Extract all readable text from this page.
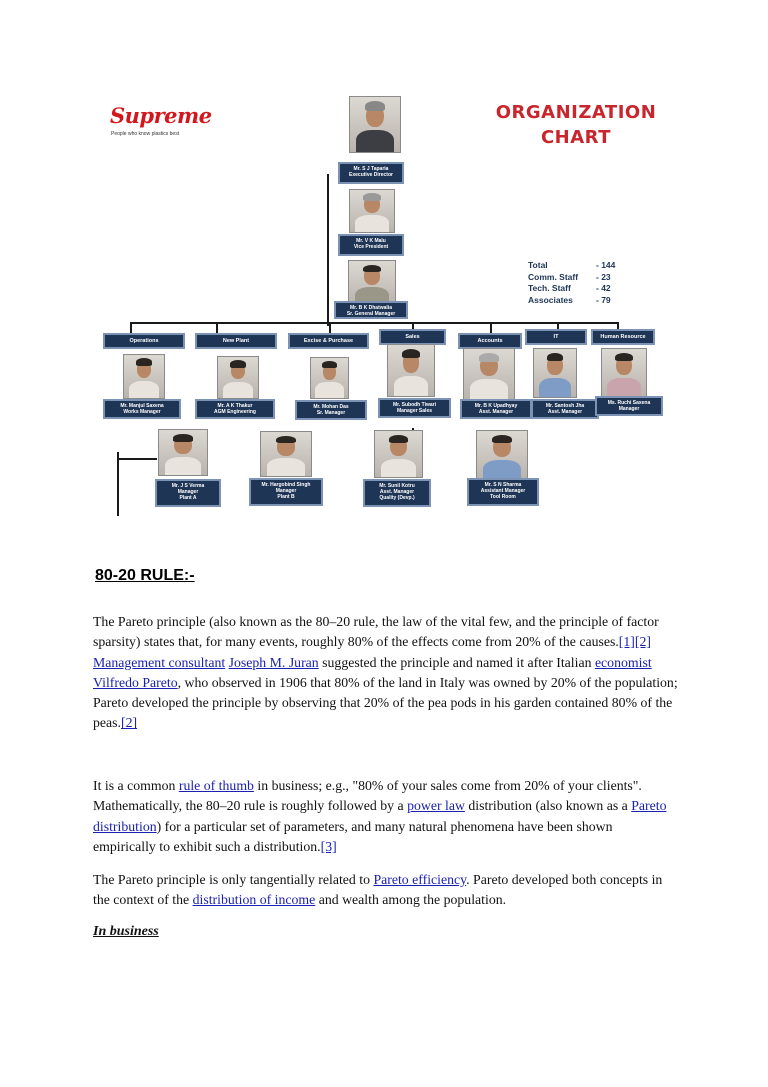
Supreme
People who know plastics best
ORGANIZATION
CHART
Mr. S J Taparia
Executive Director
Mr. V K Malu
Vice President
Mr. B K Dhatwalia
Sr. General Manager
Total	- 144
Comm. Staff - 23
Tech. Staff	- 42
Associates	- 79
Operations	New Plant	Excise & Purchase
Sales
Accounts
IT	Human Resource
Mr. Manjul Saxena
Works Manager
Mr. A K Thakur
AGM Engineering
Mr. Mohan Das
Sr. Manager
Mr. Subodh Tiwari
Manager Sales
Mr. B K Upadhyay
Asst. Manager
Mr. Santosh Jha
Asst. Manager
Ms. Ruchi Saxena
Manager
Mr. J S Verma
Manager
Plant A
Mr. Hargobind Singh
Manager
Plant B
Mr. Sunil Kotru
Asst. Manager
Quality (Devp.)
Mr. S N Sharma
Assistant Manager
Tool Room
80-20 RULE:-
The Pareto principle (also known as the 80–20 rule, the law of the vital few, and the principle of factor sparsity) states that, for many events, roughly 80% of the effects come from 20% of the causes.[1][2] Management consultant Joseph M. Juran suggested the principle and named it after Italian economist Vilfredo Pareto, who observed in 1906 that 80% of the land in Italy was owned by 20% of the population; Pareto developed the principle by observing that 20% of the pea pods in his garden contained 80% of the peas.[2]
It is a common rule of thumb in business; e.g., "80% of your sales come from 20% of your clients". Mathematically, the 80–20 rule is roughly followed by a power law distribution (also known as a Pareto distribution) for a particular set of parameters, and many natural phenomena have been shown empirically to exhibit such a distribution.[3]
The Pareto principle is only tangentially related to Pareto efficiency. Pareto developed both concepts in the context of the distribution of income and wealth among the population.
In business
